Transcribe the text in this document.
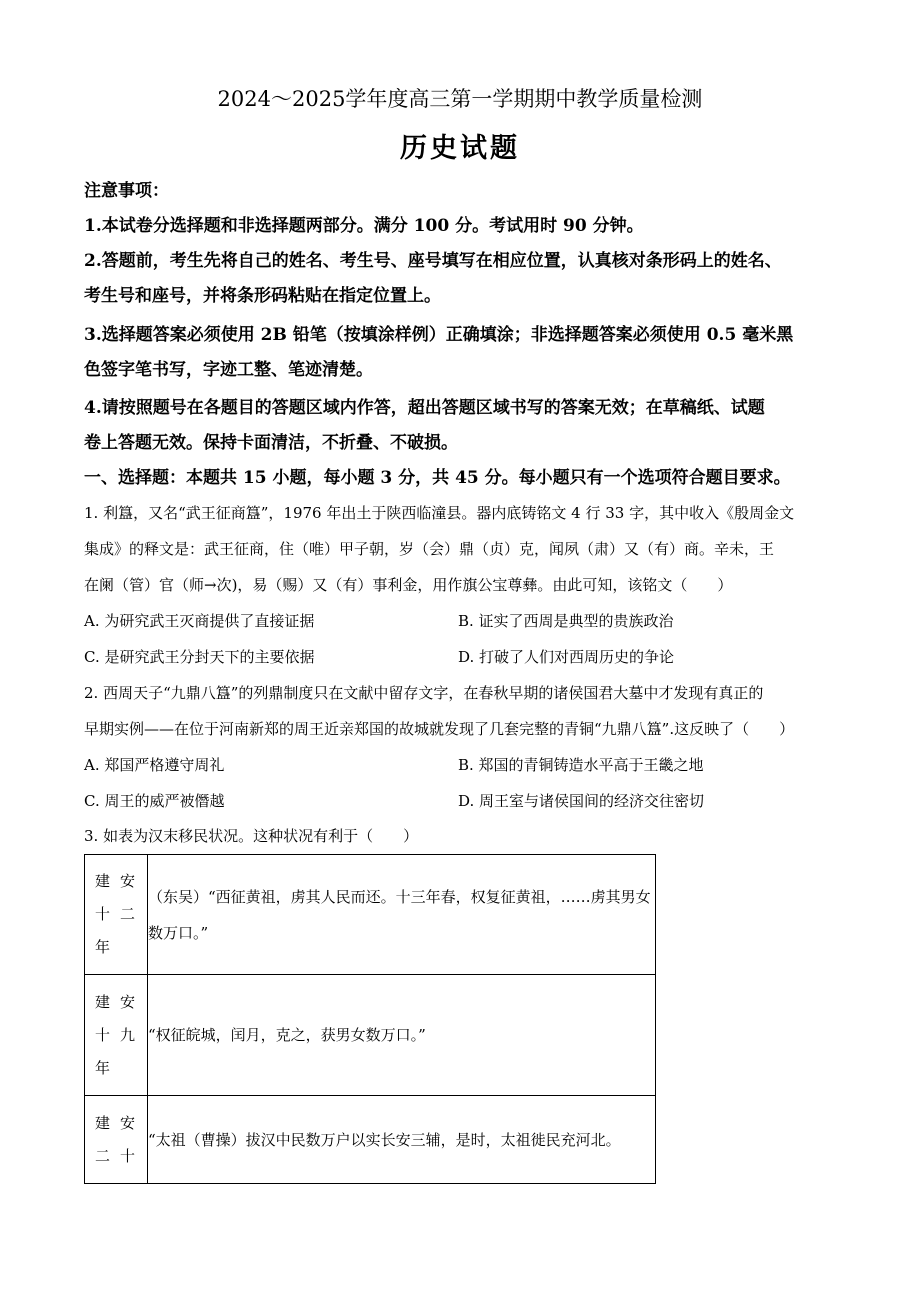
2024～2025学年度高三第一学期期中教学质量检测
历史试题
注意事项：
1.本试卷分选择题和非选择题两部分。满分 100 分。考试用时 90 分钟。
2.答题前，考生先将自己的姓名、考生号、座号填写在相应位置，认真核对条形码上的姓名、
考生号和座号，并将条形码粘贴在指定位置上。
3.选择题答案必须使用 2B 铅笔（按填涂样例）正确填涂；非选择题答案必须使用 0.5 毫米黑
色签字笔书写，字迹工整、笔迹清楚。
4.请按照题号在各题目的答题区域内作答，超出答题区域书写的答案无效；在草稿纸、试题
卷上答题无效。保持卡面清洁，不折叠、不破损。
一、选择题：本题共 15 小题，每小题 3 分，共 45 分。每小题只有一个选项符合题目要求。
1. 利簋，又名“武王征商簋”，1976 年出土于陕西临潼县。器内底铸铭文 4 行 33 字，其中收入《殷周金文
集成》的释文是：武王征商，住（唯）甲子朝，岁（会）鼎（贞）克，闻夙（肃）又（有）商。辛未，王
在阑（管）官（师→次)，易（赐）又（有）事利金，用作旗公宝尊彝。由此可知，该铭文（　　）
A. 为研究武王灭商提供了直接证据	B. 证实了西周是典型的贵族政治
C. 是研究武王分封天下的主要依据	D. 打破了人们对西周历史的争论
2. 西周天子“九鼎八簋”的列鼎制度只在文献中留存文字，在春秋早期的诸侯国君大墓中才发现有真正的
早期实例——在位于河南新郑的周王近亲郑国的故城就发现了几套完整的青铜“九鼎八簋”.这反映了（　　）
A. 郑国严格遵守周礼	B. 郑国的青铜铸造水平高于王畿之地
C. 周王的威严被僭越	D. 周王室与诸侯国间的经济交往密切
3. 如表为汉末移民状况。这种状况有利于（　　）
建 安
十 二
年	（东吴）“西征黄祖，虏其人民而还。十三年春，权复征黄祖，……虏其男女数万口。”

建 安
十 九
年	“权征皖城，闰月，克之，获男女数万口。”

建 安
二 十	“太祖（曹操）拔汉中民数万户以实长安三辅，是时，太祖徙民充河北。
